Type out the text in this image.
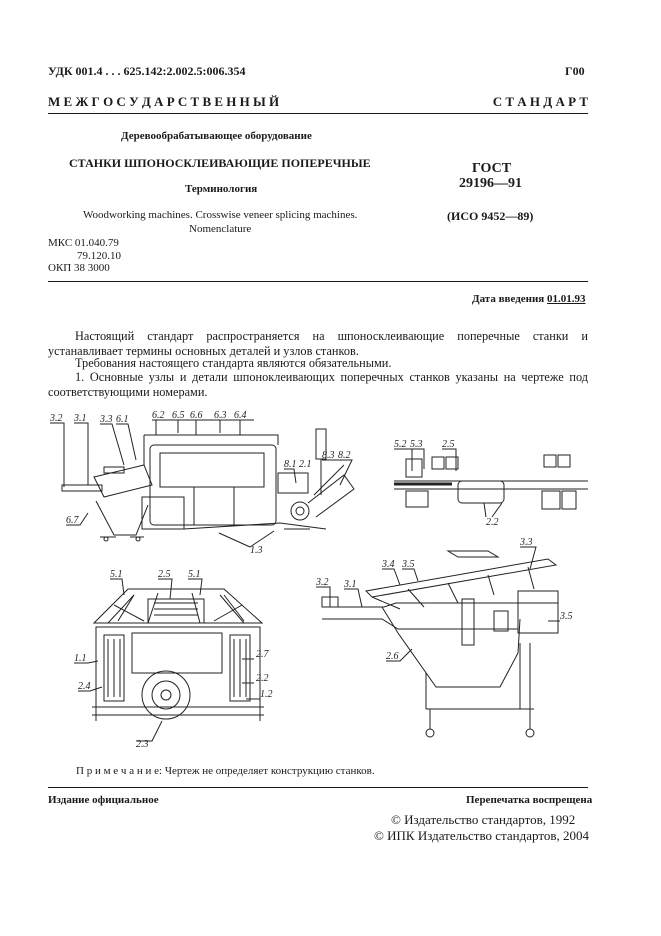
УДК 001.4 . . . 625.142:2.002.5:006.354	Г00
М Е Ж Г О С У Д А Р С Т В Е Н Н Ы Й	С Т А Н Д А Р Т
Деревообрабатывающее оборудование
СТАНКИ ШПОНОСКЛЕИВАЮЩИЕ ПОПЕРЕЧНЫЕ
Терминология
Woodworking machines. Crosswise veneer splicing machines.
Nomenclature
ГОСТ
29196—91
(ИСО 9452—89)
МКС 01.040.79
79.120.10
ОКП 38 3000
Дата введения 01.01.93
Настоящий стандарт распространяется на шпоносклеивающие поперечные станки и устанавливает термины основных деталей и узлов станков.
Требования настоящего стандарта являются обязательными.
1. Основные узлы и детали шпоноклеивающих поперечных станков указаны на чертеже под соответствующими номерами.
3.2 3.1 3.3 6.1 6.2 6.5 6.6 6.3 6.4
8.1 2.1
8.3 8.2
6.7
1.3
5.2 5.3 2.5
2.2
5.1	2.5 5.1
1.1	2.7
2.4
2.2
1.2
2.3
3.3
3.4 3.5
3.2 3.1
3.5
2.6
П р и м е ч а н и е: Чертеж не определяет конструкцию станков.
Издание официальное	Перепечатка воспрещена
© Издательство стандартов, 1992
© ИПК Издательство стандартов, 2004
